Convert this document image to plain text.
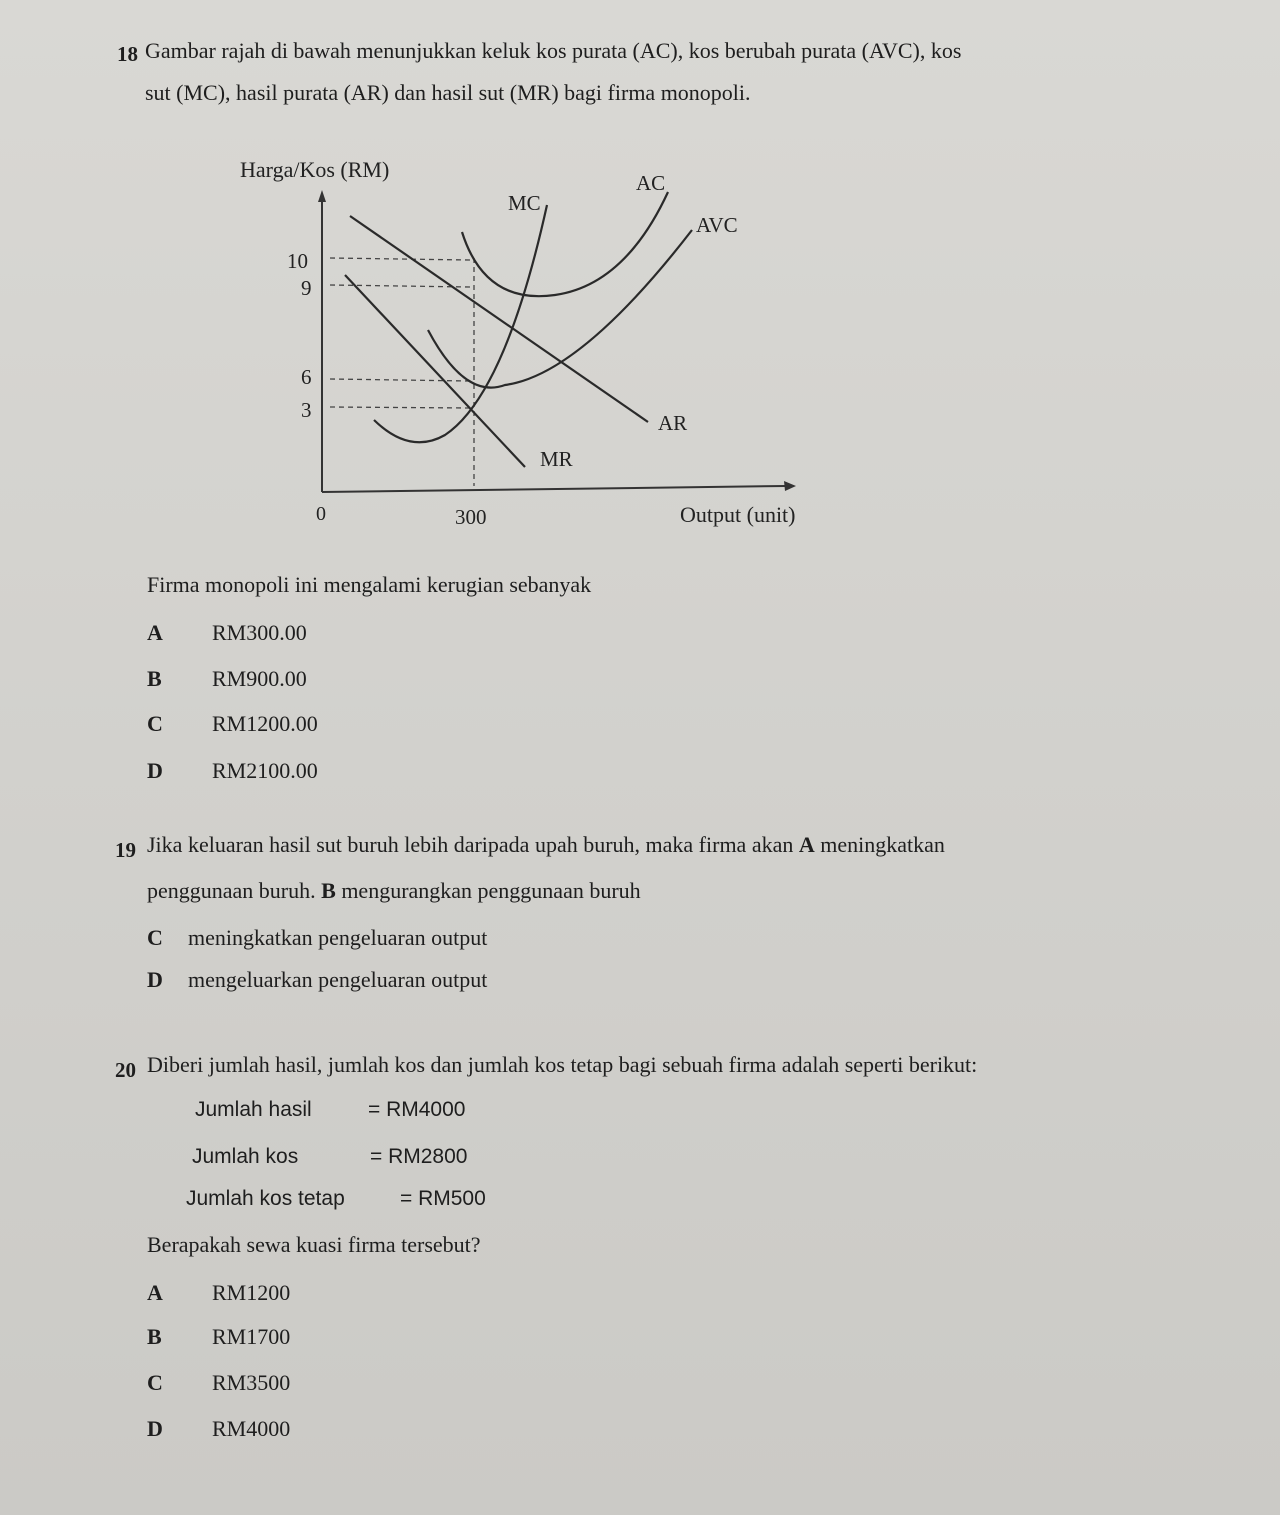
18 Gambar rajah di bawah menunjukkan keluk kos purata (AC), kos berubah purata (AVC), kos
sut (MC), hasil purata (AR) dan hasil sut (MR) bagi firma monopoli.
Harga/Kos (RM)
Output (unit)
10
9
6
3
0	300
AC
MC
AVC
AR
MR
Firma monopoli ini mengalami kerugian sebanyak
A RM300.00
B RM900.00
C RM1200.00
D RM2100.00
19 Jika keluaran hasil sut buruh lebih daripada upah buruh, maka firma akan A meningkatkan
penggunaan buruh. B mengurangkan penggunaan buruh
C meningkatkan pengeluaran output
D mengeluarkan pengeluaran output
20 Diberi jumlah hasil, jumlah kos dan jumlah kos tetap bagi sebuah firma adalah seperti berikut:
Jumlah hasil	= RM4000
Jumlah kos	= RM2800
Jumlah kos tetap	= RM500
Berapakah sewa kuasi firma tersebut?
A RM1200
B RM1700
C RM3500
D RM4000
